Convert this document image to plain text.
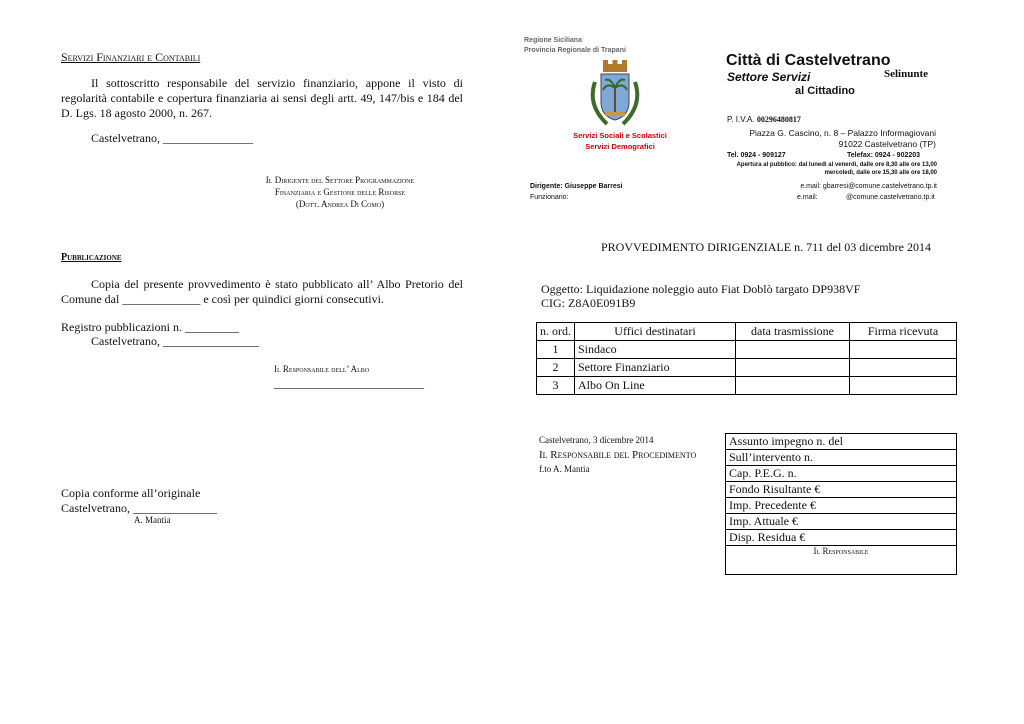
Servizi Finanziari e Contabili
Il sottoscritto responsabile del servizio finanziario, appone il visto di regolarità contabile e copertura finanziaria ai sensi degli artt. 49, 147/bis e 184 del D. Lgs. 18 agosto 2000, n. 267.
Castelvetrano, _______________
Il Dirigente del Settore Programmazione
Finanziaria e Gestione delle Risorse
(Dott. Andrea Di Como)
Pubblicazione
Copia del presente provvedimento è stato pubblicato all’ Albo Pretorio del Comune dal _____________ e così per quindici giorni consecutivi.
Registro pubblicazioni n. _________
Castelvetrano, ________________
Il Responsabile dell’ Albo
_________________________
Copia conforme all’originale
Castelvetrano, ______________
A. Mantia
Regione Siciliana
Provincia Regionale di Trapani
Città di Castelvetrano
Selinunte
Settore Servizi
al Cittadino
P. I.V.A. 00296480817
Servizi Sociali e Scolastici
Servizi Demografici
Piazza G. Cascino, n. 8 – Palazzo Informagiovani
91022 Castelvetrano (TP)
Tel. 0924 - 909127	Telefax: 0924 - 902203
Apertura al pubblico: dal lunedì al venerdì, dalle ore 8,30 alle ore 13,00
mercoledì, dalle ore 15,30 alle ore 18,00
Dirigente: Giuseppe Barresi
Funzionario:
e.mail: gbarresi@comune.castelvetrano.tp.it
e.mail:	@comune.castelvetrano.tp.it
PROVVEDIMENTO DIRIGENZIALE n. 711 del 03 dicembre 2014
Oggetto: Liquidazione noleggio auto Fiat Doblò targato DP938VF
CIG: Z8A0E091B9
n. ord.	Uffici destinatari	data trasmissione	Firma ricevuta
1	Sindaco		
2	Settore Finanziario		
3	Albo On Line		
Castelvetrano, 3 dicembre 2014
Il Responsabile del Procedimento
f.to A. Mantia
Assunto impegno n. del
Sull’intervento n.
Cap. P.E.G. n.
Fondo Risultante €
Imp. Precedente €
Imp. Attuale €
Disp. Residua €
Il Responsabile
